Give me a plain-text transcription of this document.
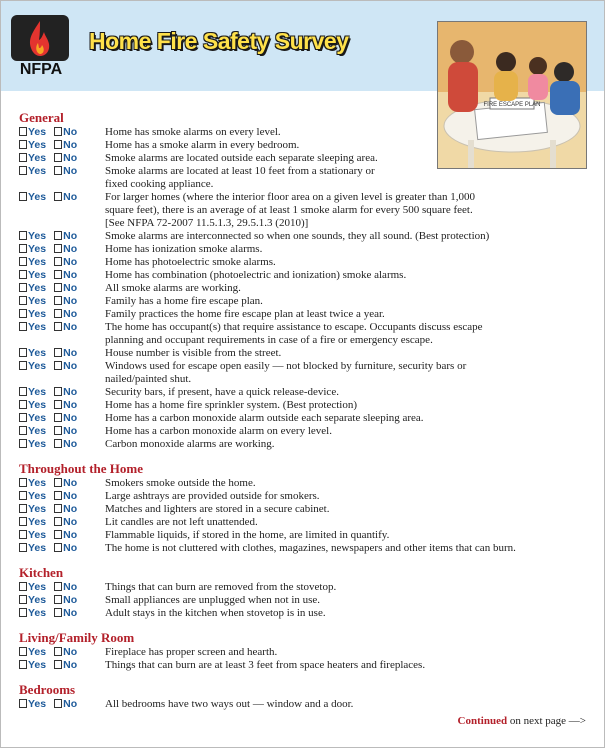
NFPA
Home Fire Safety Survey
FIRE ESCAPE PLAN
General
Yes No	Home has smoke alarms on every level.
Yes No	Home has a smoke alarm in every bedroom.
Yes No	Smoke alarms are located outside each separate sleeping area.
Yes No	Smoke alarms are located at least 10 feet from a stationary or
fixed cooking appliance.
Yes No	For larger homes (where the interior floor area on a given level is greater than 1,000
square feet), there is an average of at least 1 smoke alarm for every 500 square feet.
[See NFPA 72-2007 11.5.1.3, 29.5.1.3 (2010)]
Yes No	Smoke alarms are interconnected so when one sounds, they all sound. (Best protection)
Yes No	Home has ionization smoke alarms.
Yes No	Home has photoelectric smoke alarms.
Yes No	Home has combination (photoelectric and ionization) smoke alarms.
Yes No	All smoke alarms are working.
Yes No	Family has a home fire escape plan.
Yes No	Family practices the home fire escape plan at least twice a year.
Yes No	The home has occupant(s) that require assistance to escape. Occupants discuss escape
planning and occupant requirements in case of a fire or emergency escape.
Yes No	House number is visible from the street.
Yes No	Windows used for escape open easily — not blocked by furniture, security bars or
nailed/painted shut.
Yes No	Security bars, if present, have a quick release-device.
Yes No	Home has a home fire sprinkler system. (Best protection)
Yes No	Home has a carbon monoxide alarm outside each separate sleeping area.
Yes No	Home has a carbon monoxide alarm on every level.
Yes No	Carbon monoxide alarms are working.
Throughout the Home
Yes No	Smokers smoke outside the home.
Yes No	Large ashtrays are provided outside for smokers.
Yes No	Matches and lighters are stored in a secure cabinet.
Yes No	Lit candles are not left unattended.
Yes No	Flammable liquids, if stored in the home, are limited in quantify.
Yes No	The home is not cluttered with clothes, magazines, newspapers and other items that can burn.
Kitchen
Yes No	Things that can burn are removed from the stovetop.
Yes No	Small appliances are unplugged when not in use.
Yes No	Adult stays in the kitchen when stovetop is in use.
Living/Family Room
Yes No	Fireplace has proper screen and hearth.
Yes No	Things that can burn are at least 3 feet from space heaters and fireplaces.
Bedrooms
Yes No	All bedrooms have two ways out — window and a door.
Continued on next page —>
